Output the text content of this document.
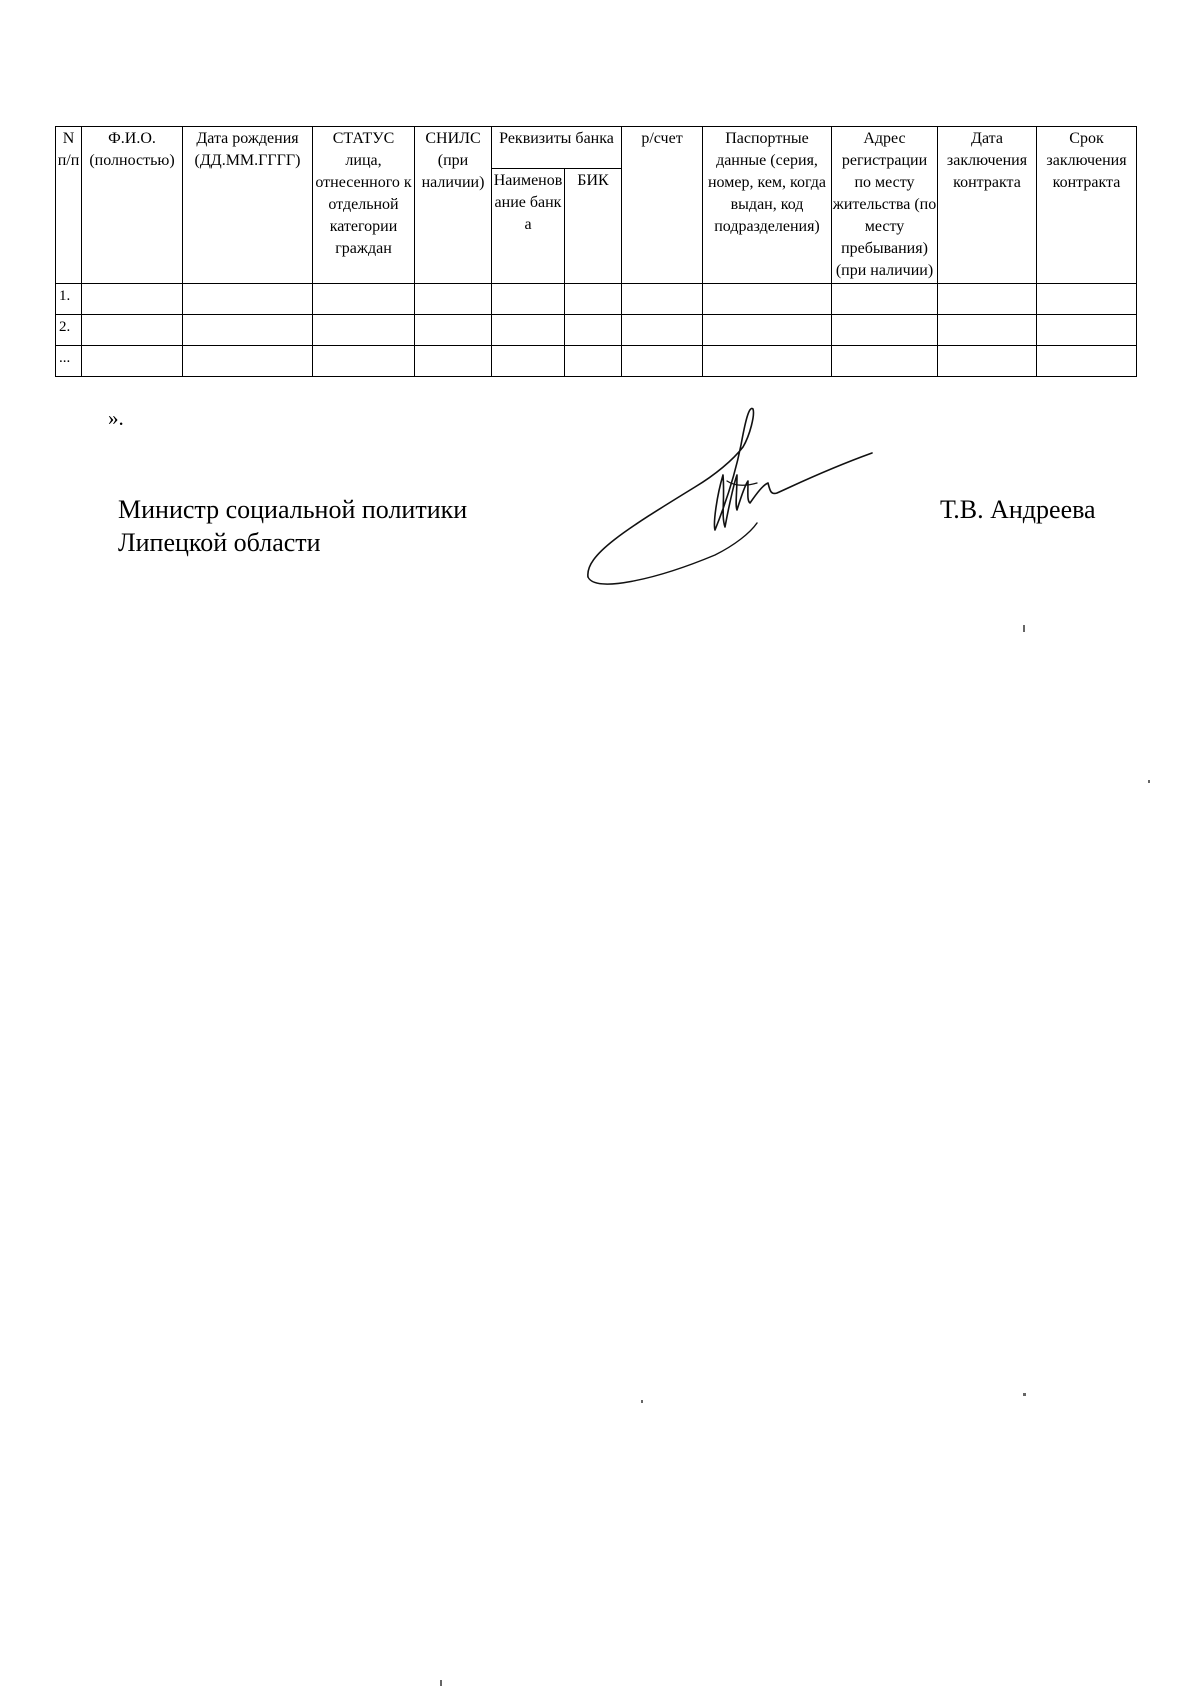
N п/п	Ф.И.О. (полностью)	Дата рождения (ДД.ММ.ГГГГ)	СТАТУС лица, отнесенного к отдельной категории граждан	СНИЛС (при наличии)	Реквизиты банка		р/счет	Паспортные данные (серия, номер, кем, когда выдан, код подразделения)	Адрес регистрации по месту жительства (по месту пребывания) (при наличии)	Дата заключения контракта	Срок заключения контракта
					Наименование банка	БИК					
1.											
2.											
...											
».
Министр социальной политики
Липецкой области
Т.В. Андреева
